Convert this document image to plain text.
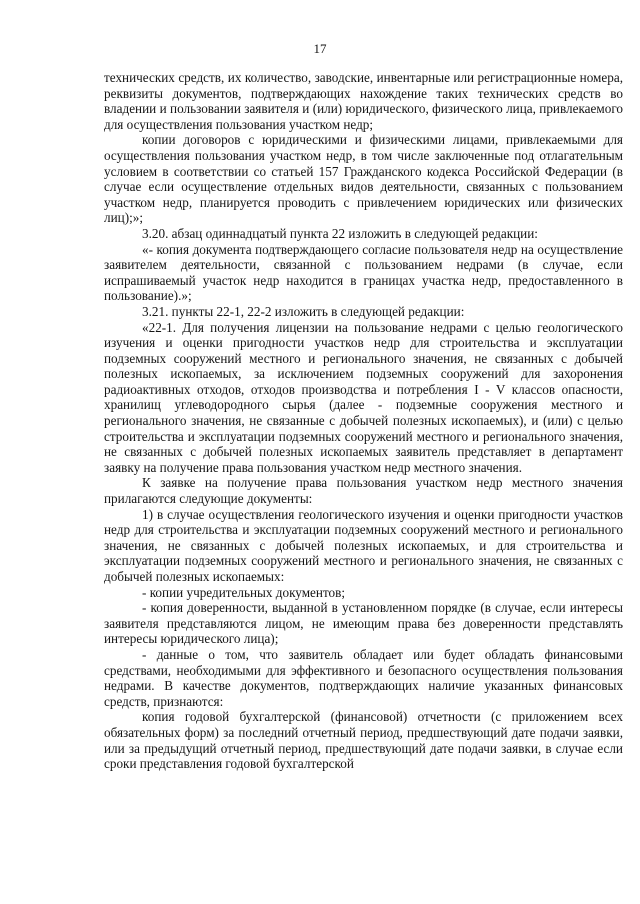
17

технических средств, их количество, заводские, инвентарные или регистрационные номера, реквизиты документов, подтверждающих нахождение таких технических средств во владении и пользовании заявителя и (или) юридического, физического лица, привлекаемого для осуществления пользования участком недр;

копии договоров с юридическими и физическими лицами, привлекаемыми для осуществления пользования участком недр, в том числе заключенные под отлагательным условием в соответствии со статьей 157 Гражданского кодекса Российской Федерации (в случае если осуществление отдельных видов деятельности, связанных с пользованием участком недр, планируется проводить с привлечением юридических или физических лиц);»;

3.20. абзац одиннадцатый пункта 22 изложить в следующей редакции:

«- копия документа подтверждающего согласие пользователя недр на осуществление заявителем деятельности, связанной с пользованием недрами (в случае, если испрашиваемый участок недр находится в границах участка недр, предоставленного в пользование).»;

3.21. пункты 22-1, 22-2 изложить в следующей редакции:

«22-1. Для получения лицензии на пользование недрами с целью геологического изучения и оценки пригодности участков недр для строительства и эксплуатации подземных сооружений местного и регионального значения, не связанных с добычей полезных ископаемых, за исключением подземных сооружений для захоронения радиоактивных отходов, отходов производства и потребления I - V классов опасности, хранилищ углеводородного сырья (далее - подземные сооружения местного и регионального значения, не связанные с добычей полезных ископаемых), и (или) с целью строительства и эксплуатации подземных сооружений местного и регионального значения, не связанных с добычей полезных ископаемых заявитель представляет в департамент заявку на получение права пользования участком недр местного значения.

К заявке на получение права пользования участком недр местного значения прилагаются следующие документы:

1) в случае осуществления геологического изучения и оценки пригодности участков недр для строительства и эксплуатации подземных сооружений местного и регионального значения, не связанных с добычей полезных ископаемых, и для строительства и эксплуатации подземных сооружений местного и регионального значения, не связанных с добычей полезных ископаемых:

- копии учредительных документов;

- копия доверенности, выданной в установленном порядке (в случае, если интересы заявителя представляются лицом, не имеющим права без доверенности представлять интересы юридического лица);

- данные о том, что заявитель обладает или будет обладать финансовыми средствами, необходимыми для эффективного и безопасного осуществления пользования недрами. В качестве документов, подтверждающих наличие указанных финансовых средств, признаются:

копия годовой бухгалтерской (финансовой) отчетности (с приложением всех обязательных форм) за последний отчетный период, предшествующий дате подачи заявки, или за предыдущий отчетный период, предшествующий дате подачи заявки, в случае если сроки представления годовой бухгалтерской
